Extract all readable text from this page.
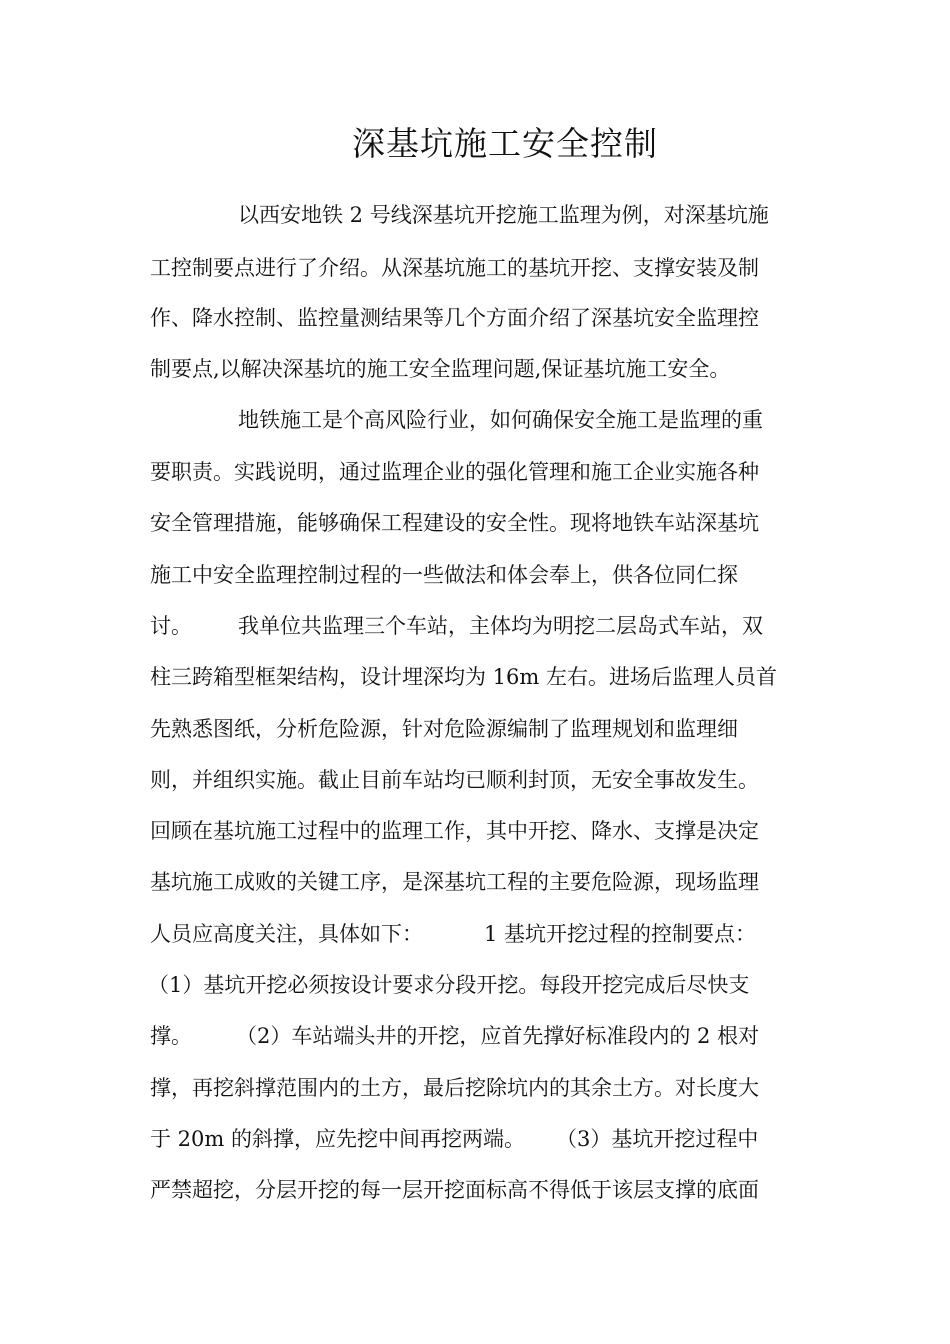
深基坑施工安全控制

以西安地铁 2 号线深基坑开挖施工监理为例，对深基坑施

工控制要点进行了介绍。从深基坑施工的基坑开挖、支撑安装及制

作、降水控制、监控量测结果等几个方面介绍了深基坑安全监理控

制要点,以解决深基坑的施工安全监理问题,保证基坑施工安全。

地铁施工是个高风险行业，如何确保安全施工是监理的重

要职责。实践说明，通过监理企业的强化管理和施工企业实施各种

安全管理措施，能够确保工程建设的安全性。现将地铁车站深基坑

施工中安全监理控制过程的一些做法和体会奉上，供各位同仁探

讨。 我单位共监理三个车站，主体均为明挖二层岛式车站，双

柱三跨箱型框架结构，设计埋深均为 16m 左右。进场后监理人员首

先熟悉图纸，分析危险源，针对危险源编制了监理规划和监理细

则，并组织实施。截止目前车站均已顺利封顶，无安全事故发生。

回顾在基坑施工过程中的监理工作，其中开挖、降水、支撑是决定

基坑施工成败的关键工序，是深基坑工程的主要危险源，现场监理

人员应高度关注，具体如下：	1 基坑开挖过程的控制要点：

（1）基坑开挖必须按设计要求分段开挖。每段开挖完成后尽快支

撑。 （2）车站端头井的开挖，应首先撑好标准段内的 2 根对

撑，再挖斜撑范围内的土方，最后挖除坑内的其余土方。对长度大

于 20m 的斜撑，应先挖中间再挖两端。 （3）基坑开挖过程中

严禁超挖，分层开挖的每一层开挖面标高不得低于该层支撑的底面
